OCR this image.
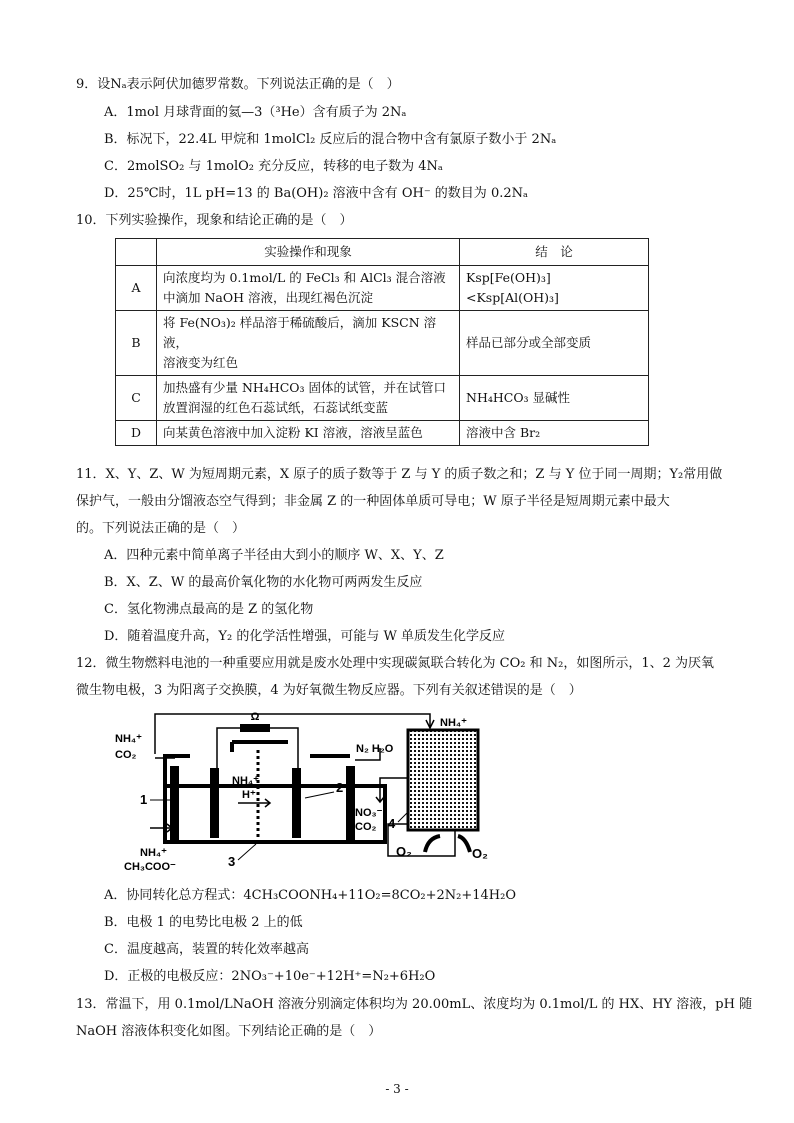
9．设Nₐ表示阿伏加德罗常数。下列说法正确的是（　）
A．1mol 月球背面的氦—3（³He）含有质子为 2Nₐ
B．标况下，22.4L 甲烷和 1molCl₂ 反应后的混合物中含有氯原子数小于 2Nₐ
C．2molSO₂ 与 1molO₂ 充分反应，转移的电子数为 4Nₐ
D．25℃时，1L pH=13 的 Ba(OH)₂ 溶液中含有 OH⁻ 的数目为 0.2Nₐ
10．下列实验操作，现象和结论正确的是（　）
	实验操作和现象	结　论
A	向浓度均为 0.1mol/L 的 FeCl₃ 和 AlCl₃ 混合溶液
中滴加 NaOH 溶液，出现红褐色沉淀	Ksp[Fe(OH)₃]<Ksp[Al(OH)₃]
B	将 Fe(NO₃)₂ 样品溶于稀硫酸后，滴加 KSCN 溶液，
溶液变为红色	样品已部分或全部变质
C	加热盛有少量 NH₄HCO₃ 固体的试管，并在试管口
放置润湿的红色石蕊试纸，石蕊试纸变蓝	NH₄HCO₃ 显碱性
D	向某黄色溶液中加入淀粉 KI 溶液，溶液呈蓝色	溶液中含 Br₂
11．X、Y、Z、W 为短周期元素，X 原子的质子数等于 Z 与 Y 的质子数之和；Z 与 Y 位于同一周期；Y₂常用做
保护气，一般由分馏液态空气得到；非金属 Z 的一种固体单质可导电；W 原子半径是短周期元素中最大
的。下列说法正确的是（　）
A．四种元素中简单离子半径由大到小的顺序 W、X、Y、Z
B．X、Z、W 的最高价氧化物的水化物可两两发生反应
C．氢化物沸点最高的是 Z 的氢化物
D．随着温度升高，Y₂ 的化学活性增强，可能与 W 单质发生化学反应
12．微生物燃料电池的一种重要应用就是废水处理中实现碳氮联合转化为 CO₂ 和 N₂，如图所示，1、2 为厌氧
微生物电极，3 为阳离子交换膜，4 为好氧微生物反应器。下列有关叙述错误的是（　）
Ω
NH₄⁺
H⁺
NH₄⁺
CO₂
NH₄⁺
CH₃COO⁻
1
2
3
4
N₂ H₂O
NO₃⁻
CO₂
NH₄⁺
O₂	O₂
A．协同转化总方程式：4CH₃COONH₄+11O₂=8CO₂+2N₂+14H₂O
B．电极 1 的电势比电极 2 上的低
C．温度越高，装置的转化效率越高
D．正极的电极反应：2NO₃⁻+10e⁻+12H⁺=N₂+6H₂O
13．常温下，用 0.1mol/LNaOH 溶液分别滴定体积均为 20.00mL、浓度均为 0.1mol/L 的 HX、HY 溶液，pH 随
NaOH 溶液体积变化如图。下列结论正确的是（　）
- 3 -
